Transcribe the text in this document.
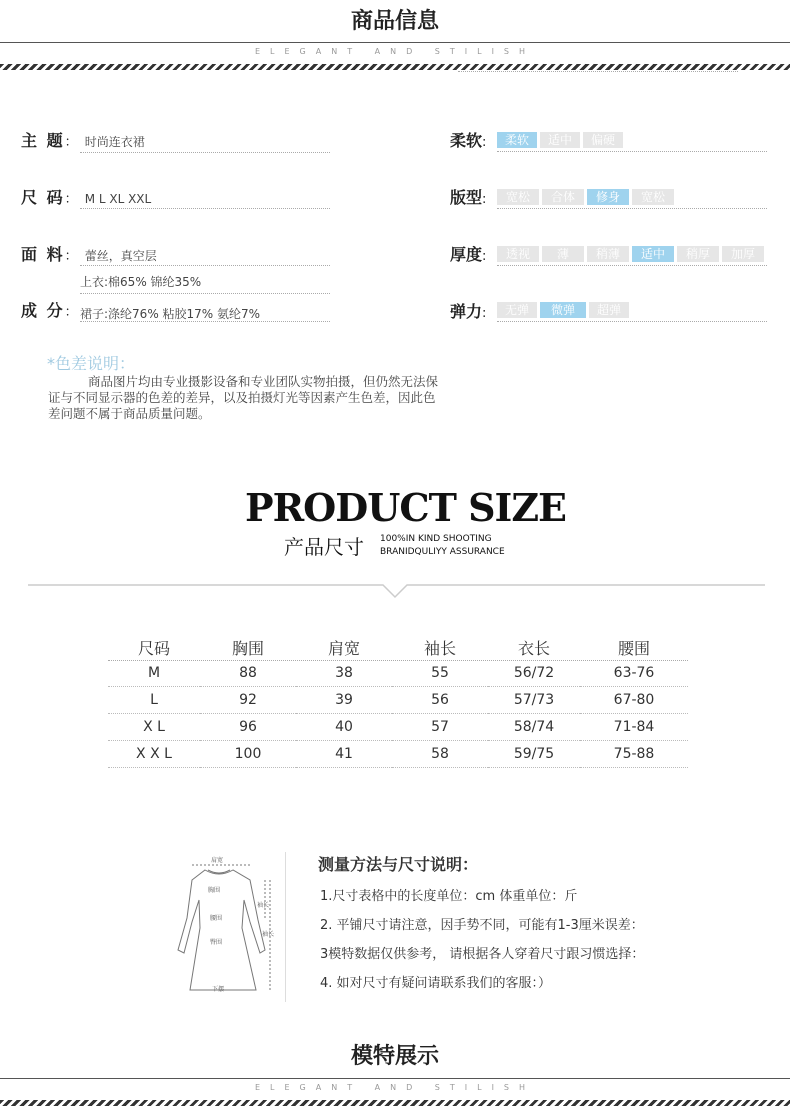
商品信息
ELEGANT AND STILISH
主 题： 时尚连衣裙
尺 码： M L XL XXL
面 料： 蕾丝，真空层
上衣:棉65% 锦纶35%
成 分： 裙子:涤纶76% 粘胶17% 氨纶7%
柔软:	柔软	适中	偏硬
版型:	宽松	合体	修身	宽松
厚度:	透视	薄	稍薄	适中	稍厚	加厚
弹力:	无弹	微弹	超弹
*色差说明：
商品图片均由专业摄影设备和专业团队实物拍摄，但仍然无法保
证与不同显示器的色差的差异，以及拍摄灯光等因素产生色差，因此色
差问题不属于商品质量问题。
PRODUCT SIZE
产品尺寸 100%IN KIND SHOOTING
BRANIDQULIYY ASSURANCE
尺码	胸围	肩宽	袖长	衣长	腰围
M	88	38	55	56/72	63-76
L	92	39	56	57/73	67-80
X L	96	40	57	58/74	71-84
X X L	100	41	58	59/75	75-88
肩宽
胸围
腰围
臀围
下摆
袖长
袖长
测量方法与尺寸说明：
1.尺寸表格中的长度单位：cm 体重单位：斤
2. 平铺尺寸请注意，因手势不同，可能有1-3厘米误差：
3模特数据仅供参考， 请根据各人穿着尺寸跟习惯选择：
4. 如对尺寸有疑问请联系我们的客服：）
模特展示
ELEGANT AND STILISH
